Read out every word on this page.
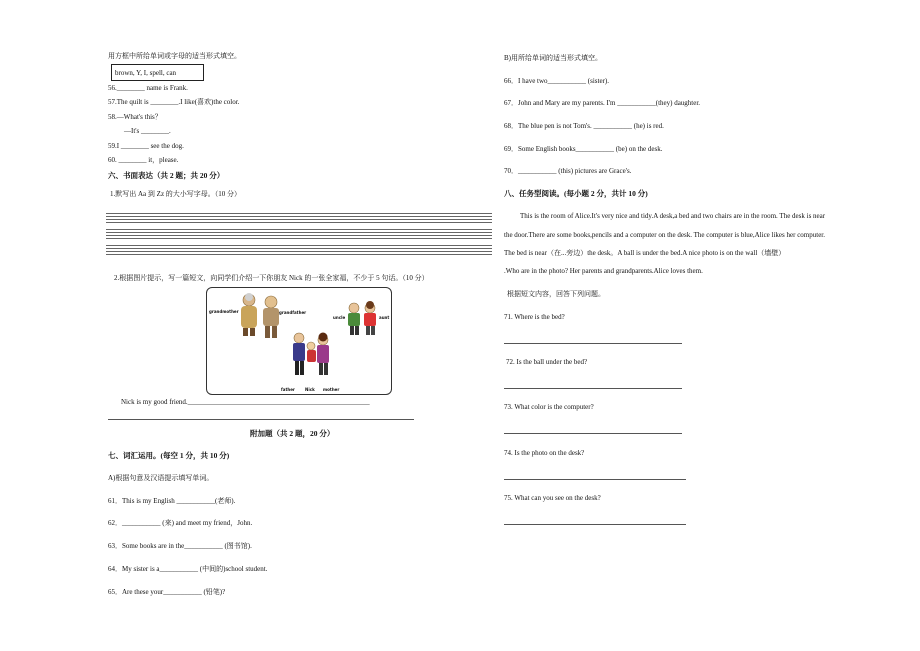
用方框中所给单词或字母的适当形式填空。
brown, Y, I, spell, can
56.________ name is Frank.
57.The quilt is ________.I like(喜欢)the color.
58.—What's this？
—It's ________.
59.I ________ see the dog.
60. ________ it，please.
六、书面表达（共 2 题；共 20 分）
1.默写出 Aa 到 Zz 的大小写字母。（10 分）
2.根据图片提示，写一篇短文，向同学们介绍一下你朋友 Nick 的一张全家福，不少于 5 句话。（10 分）
grandmother	grandfather
uncle	aunt
father	Nick mother
Nick is my good friend.____________________________________________________
附加题（共 2 题，20 分）
七、词汇运用。(每空 1 分，共 10 分)
A)根据句意及汉语提示填写单词。
61．This is my English ___________(老师).
62．___________ (来) and meet my friend，John.
63．Some books are in the___________ (图书馆).
64．My sister is a___________ (中间的)school student.
65．Are these your___________ (铅笔)?
B)用所给单词的适当形式填空。
66．I have two___________ (sister).
67．John and Mary are my parents. I'm ___________(they) daughter.
68．The blue pen is not Tom's. ___________ (he) is red.
69．Some English books___________ (be) on the desk.
70．___________ (this) pictures are Grace's.
八、任务型阅读。(每小题 2 分，共计 10 分)
This is the room of Alice.It's very nice and tidy.A desk,a bed and two chairs are in the room. The desk is near
the door.There are some books,pencils and a computer on the desk. The computer is blue,Alice likes her computer.
The bed is near（在...旁边）the desk。A ball is under the bed.A nice photo is on the wall（墙壁）
.Who are in the photo? Her parents and grandparents.Alice loves them.
根据短文内容，回答下列问题。
71. Where is the bed?
72. Is the ball under the bed?
73. What color is the computer?
74. Is the photo on the desk?
75. What can you see on the desk?
